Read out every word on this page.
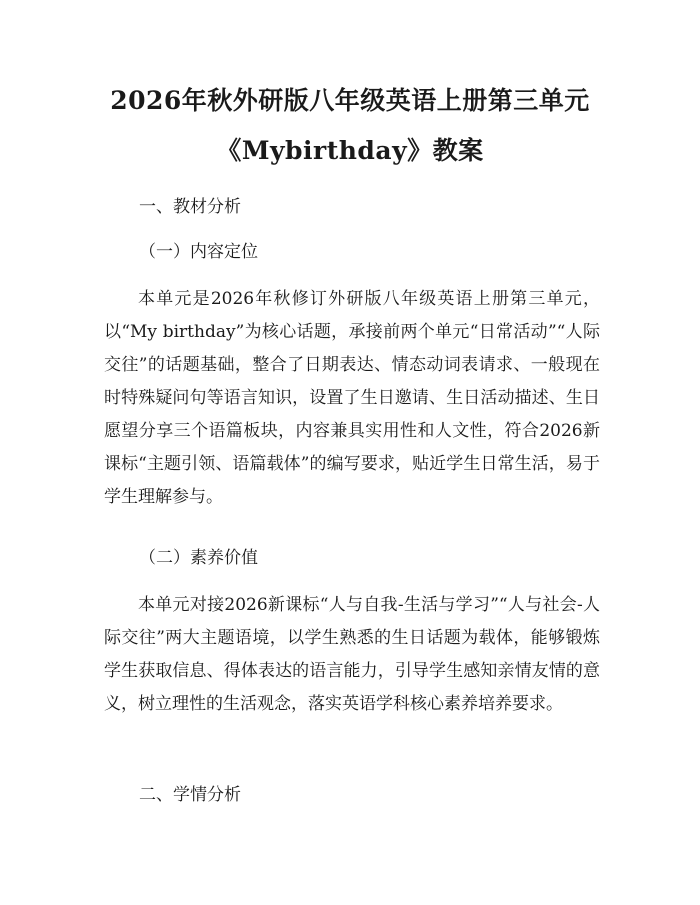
2026年秋外研版八年级英语上册第三单元
《Mybirthday》教案
一、教材分析
（一）内容定位

本单元是2026年秋修订外研版八年级英语上册第三单元，以“My birthday”为核心话题，承接前两个单元“日常活动”“人际交往”的话题基础，整合了日期表达、情态动词表请求、一般现在时特殊疑问句等语言知识，设置了生日邀请、生日活动描述、生日愿望分享三个语篇板块，内容兼具实用性和人文性，符合2026新课标“主题引领、语篇载体”的编写要求，贴近学生日常生活，易于学生理解参与。

（二）素养价值

本单元对接2026新课标“人与自我-生活与学习”“人与社会-人际交往”两大主题语境，以学生熟悉的生日话题为载体，能够锻炼学生获取信息、得体表达的语言能力，引导学生感知亲情友情的意义，树立理性的生活观念，落实英语学科核心素养培养要求。

二、学情分析
